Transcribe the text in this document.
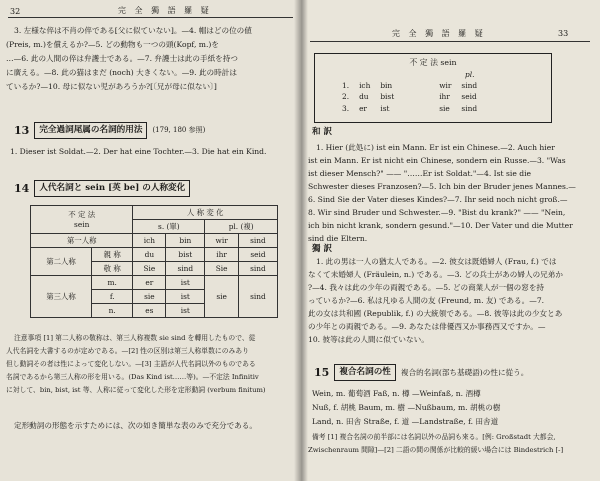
32	完 全 獨 語 羅 疑
3. 左様な倅は不肖の倅である[父に似ていない]。—4. 帽はどの位の値
(Preis, m.)を償えるか?—5. どの動物も一つの頭(Kopf, m.)を
…—6. 此の人間の倅は弁護士である。—7. 弁護士は此の手紙を持つ
に廣える。—8. 此の猫はまだ (noch) 大きくない。—9. 此の時計は
ているか?—10. 母に似ない児があろうか?[〔兄が母に似ない〕]
13	完全過詞尾属の名詞的用法	(179, 180 参照)
1. Dieser ist Soldat.—2. Der hat eine Tochter.—3. Die hat ein Kind.
14	人代名詞と sein [英 be] の人称変化
不 定 法
sein		人 称 変 化			
		s. (單)		pl. (複)	
第一人称		ich	bin	wir	sind
第二人称	親 称	du	bist	ihr	seid
	敬 称	Sie	sind	Sie	sind
第三人称	m.	er	ist	sie	sind
	f.	sie	ist		
	n.	es	ist		
注意事項 [1] 第二人称の敬称は、第三人称複数 sie sind を轉用したもので、從
人代名詞を大書するのが定めである。—[2] 性の区別は第三人称単数にのみあり
但し動詞その者は性によって変化しない。—[3] 主語が人代名詞以外のものである
名詞であるから第三人称の形を用いる。(Das Kind ist……等)。—不定法 Infinitiv
に対して、bin, bist, ist 等、人称に従って変化した形を定形動詞 (verbum finitum)
定形動詞の形態を示すためには、次の如き簡単な表のみで充分である。
完 全 獨 語 羅 疑	33
不 定 法 sein
pl.
1.	ich	bin	wir	sind
2.	du	bist	ihr	seid
3.	er	ist	sie	sind
和 訳
1. Hier (此処に) ist ein Mann. Er ist ein Chinese.—2. Auch hier
ist ein Mann. Er ist nicht ein Chinese, sondern ein Russe.—3. "Was
ist dieser Mensch?" —— "……Er ist Soldat."—4. Ist sie die
Schwester dieses Franzosen?—5. Ich bin der Bruder jenes Mannes.—
6. Sind Sie der Vater dieses Kindes?—7. Ihr seid noch nicht groß.—
8. Wir sind Bruder und Schwester.—9. "Bist du krank?" —— "Nein,
ich bin nicht krank, sondern gesund."—10. Der Vater und die Mutter
sind die Eltern.
獨 訳
1. 此の男は一人の猶太人である。—2. 彼女は既婚婦人 (Frau, f.) では
なくて未婚婦人 (Fräulein, n.) である。—3. どの兵士があの婦人の兄弟か
?—4. 我々は此の少年の両親である。—5. どの商業人が一個の窓を持
っているか?—6. 私は凡ゆる人間の友 (Freund, m. 友) である。—7.
此の女は共和國 (Republik, f.) の大統領である。—8. 彼等は此の少女とあ
の少年との両親である。—9. あなたは俳優西又か事務西又ですか。—
10. 彼等は此の人間に似ていない。
15	複合名詞の性	複合的名詞(部ち基礎語)の性に從う。
Wein, m. 葡萄酒 Faß, n. 樽 —Weinfaß, n. 酒樽
Nuß, f. 胡桃 Baum, m. 樹 —Nußbaum, m. 胡桃の樹
Land, n. 田舎 Straße, f. 道 —Landstraße, f. 田舎道
備考 [1] 複合名詞の前半部には名詞以外の品詞も來る。[例: Großstadt 大都会,
Zwischenraum 間隙]—[2] 二語の間の関係が比較的緩い場合には Bindestrich [-]
